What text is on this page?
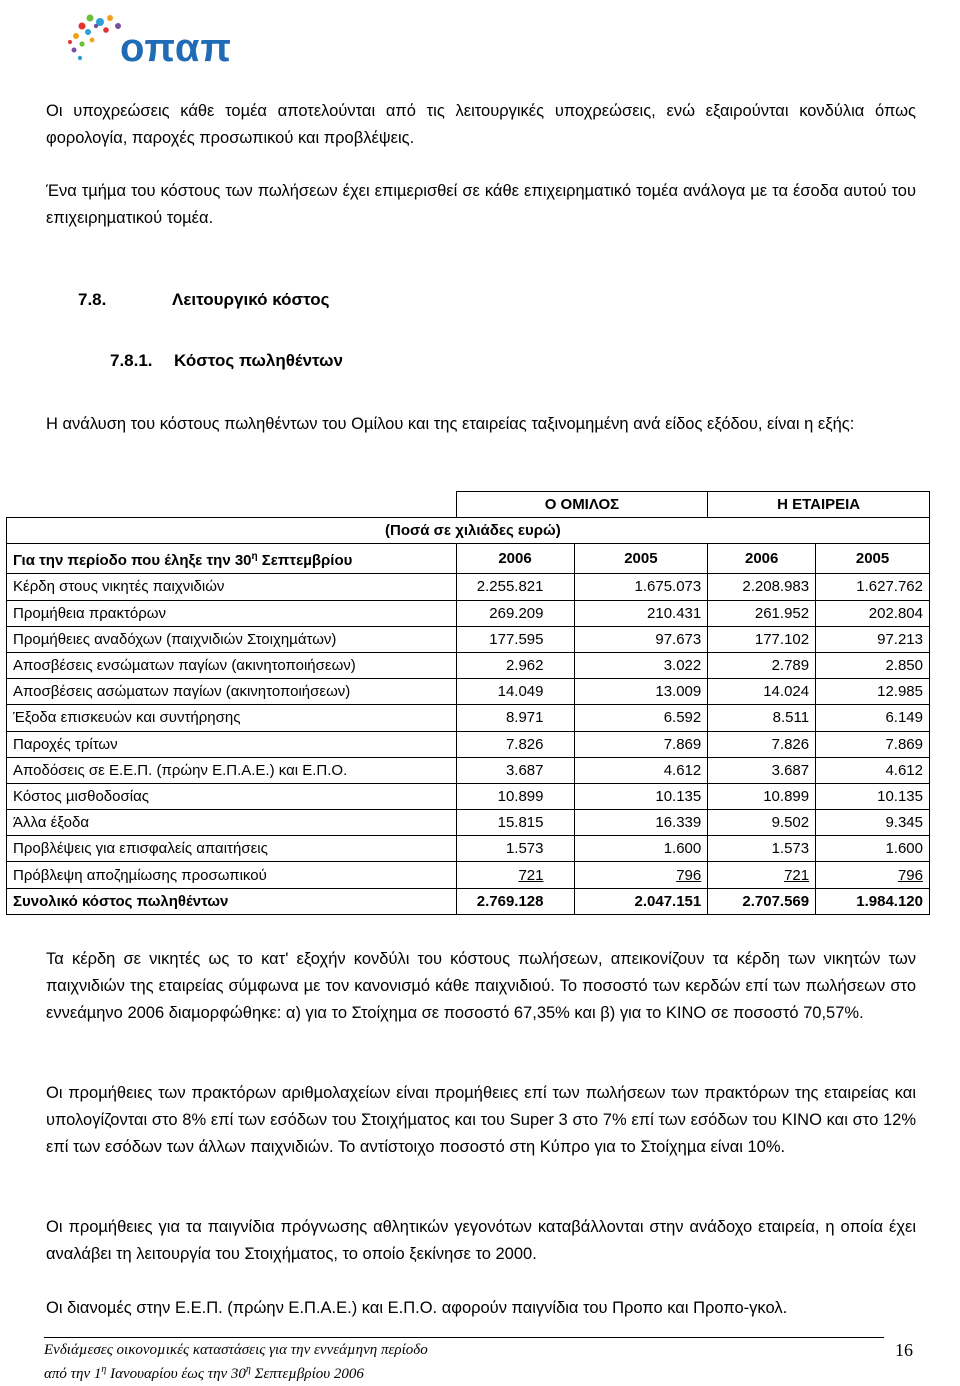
οπαπ
Οι υποχρεώσεις κάθε τοµέα αποτελούνται από τις λειτουργικές υποχρεώσεις, ενώ εξαιρούνται κονδύλια όπως φορολογία, παροχές προσωπικού και προβλέψεις.
Ένα τµήµα του κόστους των πωλήσεων έχει επιµερισθεί σε κάθε επιχειρηµατικό τοµέα ανάλογα µε τα έσοδα αυτού του επιχειρηµατικού τοµέα.
7.8.	Λειτουργικό κόστος
7.8.1. Κόστος πωληθέντων
Η ανάλυση του κόστους πωληθέντων του Οµίλου και της εταιρείας ταξινοµηµένη ανά είδος εξόδου, είναι η εξής:
	Ο ΟΜΙΛΟΣ		Η ΕΤΑΙΡΕΙΑ	
(Ποσά σε χιλιάδες ευρώ)				
Για την περίοδο που έληξε την $30^\eta$ Σεπτεµβρίου	2006	2005	2006	2005
Κέρδη στους νικητές παιχνιδιών	2.255.821	1.675.073	2.208.983	1.627.762
Προµήθεια πρακτόρων	269.209	210.431	261.952	202.804
Προµήθειες αναδόχων (παιχνιδιών Στοιχηµάτων)	177.595	97.673	177.102	97.213
Αποσβέσεις ενσώµατων παγίων (ακινητοποιήσεων)	2.962	3.022	2.789	2.850
Αποσβέσεις ασώµατων παγίων (ακινητοποιήσεων)	14.049	13.009	14.024	12.985
Έξοδα επισκευών και συντήρησης	8.971	6.592	8.511	6.149
Παροχές τρίτων	7.826	7.869	7.826	7.869
Αποδόσεις σε Ε.Ε.Π. (πρώην Ε.Π.Α.Ε.) και Ε.Π.Ο.	3.687	4.612	3.687	4.612
Κόστος µισθοδοσίας	10.899	10.135	10.899	10.135
Άλλα έξοδα	15.815	16.339	9.502	9.345
Προβλέψεις για επισφαλείς απαιτήσεις	1.573	1.600	1.573	1.600
Πρόβλεψη αποζηµίωσης προσωπικού	721	796	721	796
Συνολικό κόστος πωληθέντων	2.769.128	2.047.151	2.707.569	1.984.120
Τα κέρδη σε νικητές ως το κατ' εξοχήν κονδύλι του κόστους πωλήσεων, απεικονίζουν τα κέρδη των νικητών των παιχνιδιών της εταιρείας σύµφωνα µε τον κανονισµό κάθε παιχνιδιού. Το ποσοστό των κερδών επί των πωλήσεων στο εννεάµηνο 2006 διαµορφώθηκε: α) για το Στοίχηµα σε ποσοστό 67,35% και β) για το ΚΙΝΟ σε ποσοστό 70,57%.
Οι προµήθειες των πρακτόρων αριθµολαχείων είναι προµήθειες επί των πωλήσεων των πρακτόρων της εταιρείας και υπολογίζονται στο 8% επί των εσόδων του Στοιχήµατος και του Super 3 στο 7% επί των εσόδων του ΚΙΝΟ και στο 12% επί των εσόδων των άλλων παιχνιδιών. Το αντίστοιχο ποσοστό στη Κύπρο για το Στοίχηµα είναι 10%.
Οι προµήθειες για τα παιγνίδια πρόγνωσης αθλητικών γεγονότων καταβάλλονται στην ανάδοχο εταιρεία, η οποία έχει αναλάβει τη λειτουργία του Στοιχήµατος, το οποίο ξεκίνησε το 2000.
Οι διανοµές στην Ε.Ε.Π. (πρώην Ε.Π.Α.Ε.) και Ε.Π.Ο. αφορούν παιγνίδια του Προπο και Προπο-γκολ.
Ενδιάµεσες οικονοµικές καταστάσεις για την εννεάµηνη περίοδο
από την $1^\eta$ Ιανουαρίου έως την $30^\eta$ Σεπτεµβρίου 2006
16
